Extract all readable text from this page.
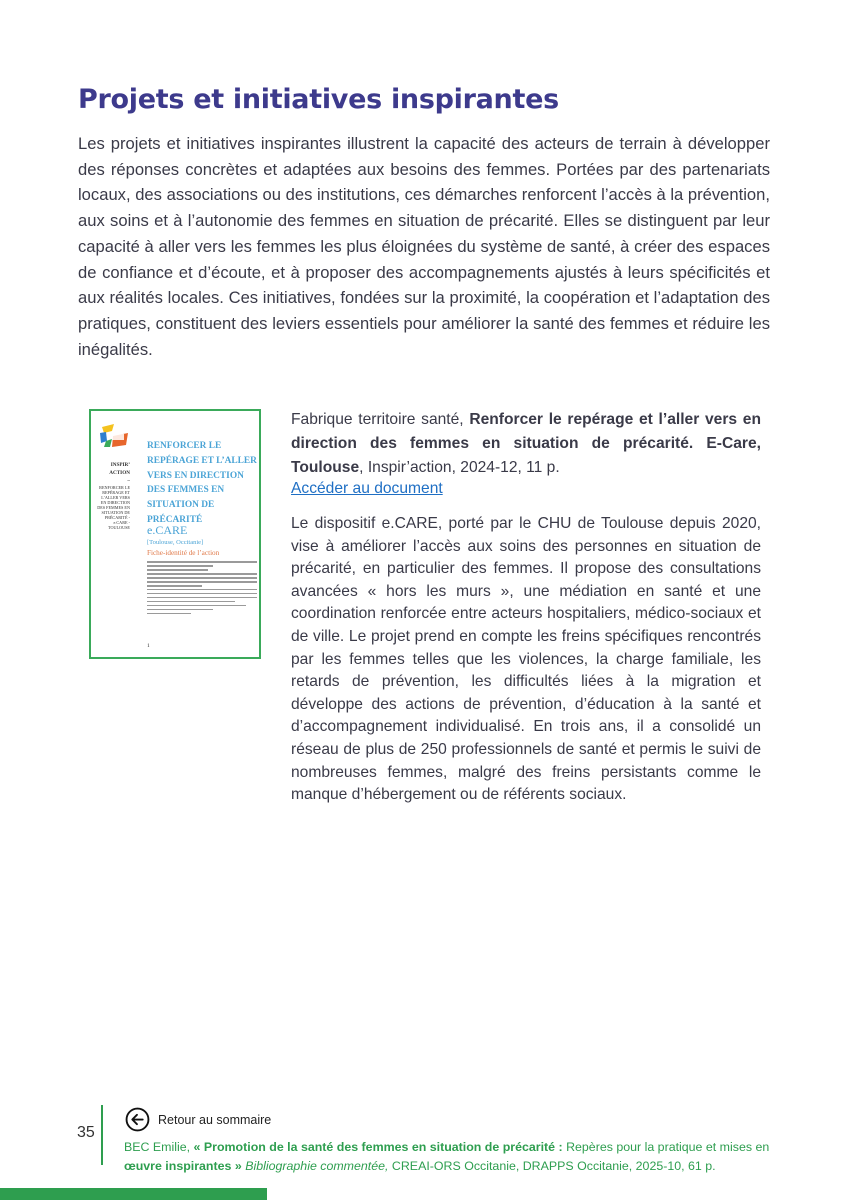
Projets et initiatives inspirantes

Les projets et initiatives inspirantes illustrent la capacité des acteurs de terrain à développer des réponses concrètes et adaptées aux besoins des femmes. Portées par des partenariats locaux, des associations ou des institutions, ces démarches renforcent l’accès à la prévention, aux soins et à l’autonomie des femmes en situation de précarité. Elles se distinguent par leur capacité à aller vers les femmes les plus éloignées du système de santé, à créer des espaces de confiance et d’écoute, et à proposer des accompagnements ajustés à leurs spécificités et aux réalités locales. Ces initiatives, fondées sur la proximité, la coopération et l’adaptation des pratiques, constituent des leviers essentiels pour améliorer la santé des femmes et réduire les inégalités.

INSPIR’
ACTION
–
RENFORCER LE REPÉRAGE ET L’ALLER VERS EN DIRECTION DES FEMMES EN SITUATION DE PRÉCARITÉ - e.CARE - TOULOUSE
RENFORCER LE REPÉRAGE ET L’ALLER VERS EN DIRECTION DES FEMMES EN SITUATION DE PRÉCARITÉ
e.CARE
[Toulouse, Occitanie]
Fiche-identité de l’action
1

Fabrique territoire santé, Renforcer le repérage et l’aller vers en direction des femmes en situation de précarité. E-Care, Toulouse, Inspir’action, 2024-12, 11 p.

Accéder au document

Le dispositif e.CARE, porté par le CHU de Toulouse depuis 2020, vise à améliorer l’accès aux soins des personnes en situation de précarité, en particulier des femmes. Il propose des consultations avancées « hors les murs », une médiation en santé et une coordination renforcée entre acteurs hospitaliers, médico-sociaux et de ville. Le projet prend en compte les freins spécifiques rencontrés par les femmes telles que les violences, la charge familiale, les retards de prévention, les difficultés liées à la migration et développe des actions de prévention, d’éducation à la santé et d’accompagnement individualisé. En trois ans, il a consolidé un réseau de plus de 250 professionnels de santé et permis le suivi de nombreuses femmes, malgré des freins persistants comme le manque d’hébergement ou de référents sociaux.

35
Retour au sommaire

BEC Emilie, « Promotion de la santé des femmes en situation de précarité : Repères pour la pratique et mises en œuvre inspirantes » Bibliographie commentée, CREAI-ORS Occitanie, DRAPPS Occitanie, 2025-10, 61 p.
